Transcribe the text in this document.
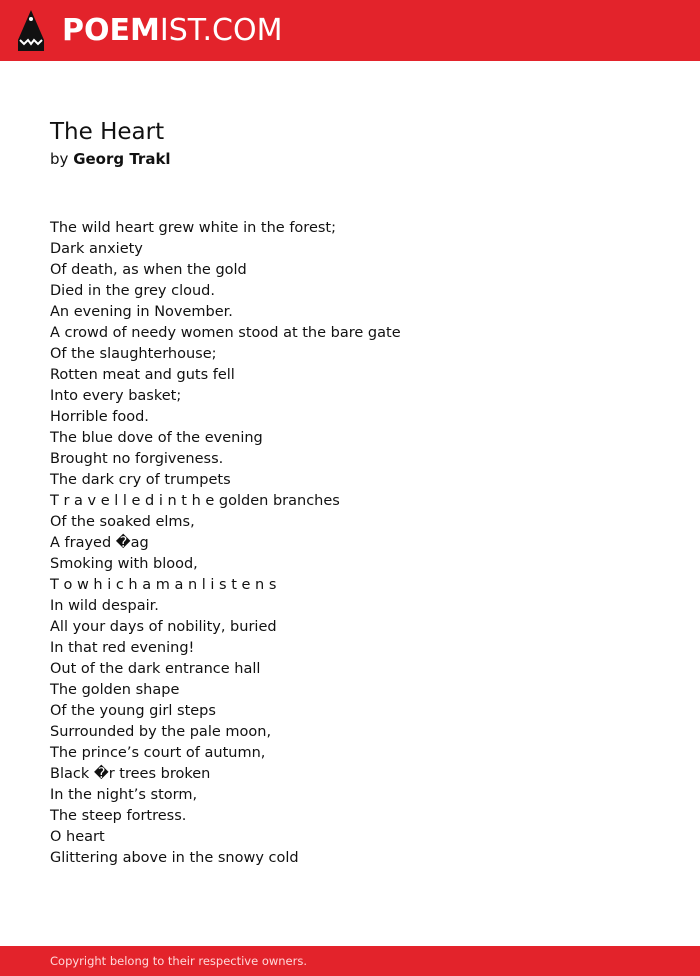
POEMIST.COM
The Heart
by Georg Trakl
The wild heart grew white in the forest;
Dark anxiety
Of death, as when the gold
Died in the grey cloud.
An evening in November.
A crowd of needy women stood at the bare gate
Of the slaughterhouse;
Rotten meat and guts fell
Into every basket;
Horrible food.
The blue dove of the evening
Brought no forgiveness.
The dark cry of trumpets
T r a v e l l e d i n t h e golden branches
Of the soaked elms,
A frayed �ag
Smoking with blood,
T o w h i c h a m a n l i s t e n s
In wild despair.
All your days of nobility, buried
In that red evening!
Out of the dark entrance hall
The golden shape
Of the young girl steps
Surrounded by the pale moon,
The prince’s court of autumn,
Black �r trees broken
In the night’s storm,
The steep fortress.
O heart
Glittering above in the snowy cold
Copyright belong to their respective owners.
